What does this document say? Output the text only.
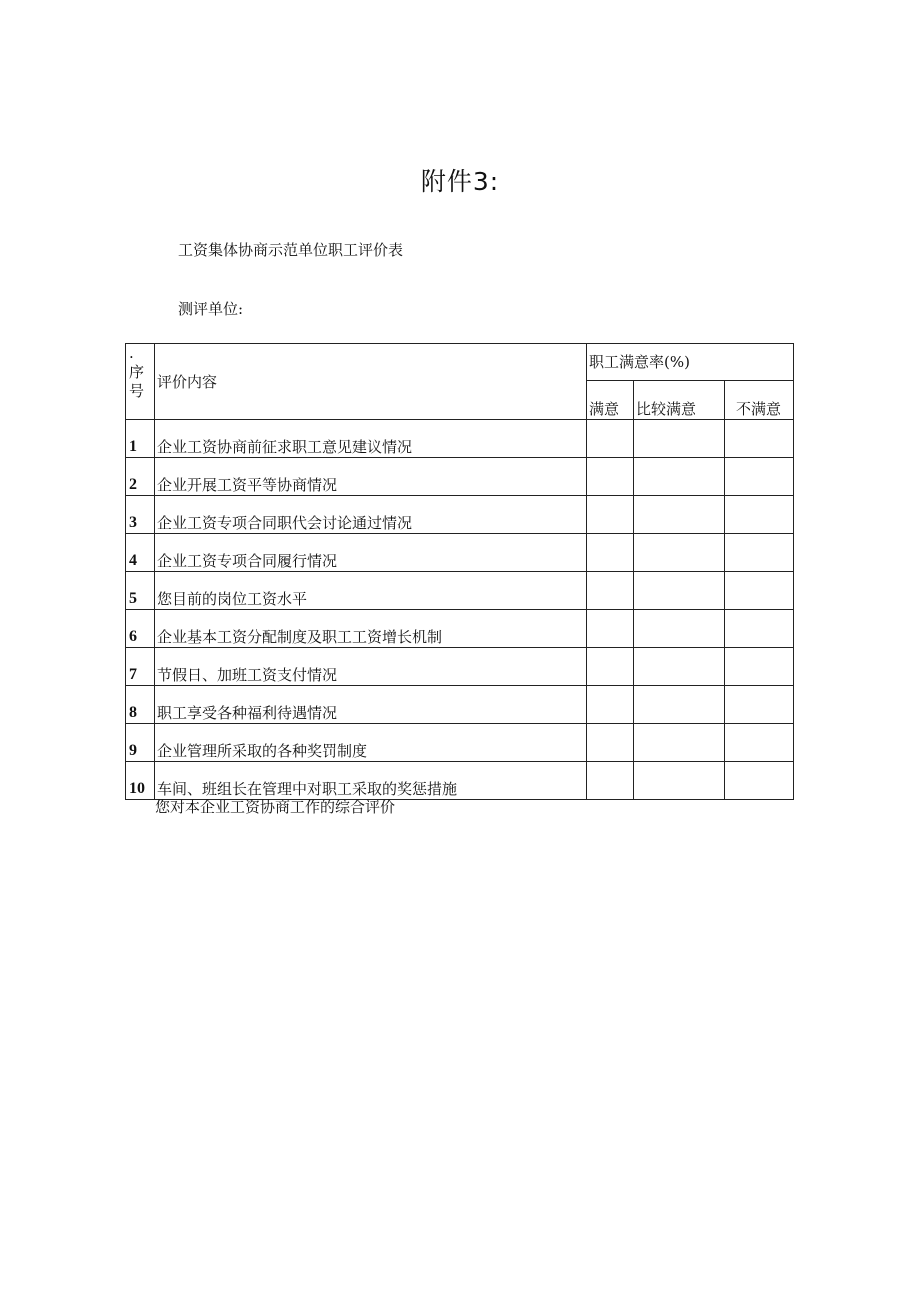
附件3:
工资集体协商示范单位职工评价表
测评单位:
.
序
号	评价内容	职工满意率(%)		
		满意	比较满意	不满意
1	企业工资协商前征求职工意见建议情况			
2	企业开展工资平等协商情况			
3	企业工资专项合同职代会讨论通过情况			
4	企业工资专项合同履行情况			
5	您目前的岗位工资水平			
6	企业基本工资分配制度及职工工资增长机制			
7	节假日、加班工资支付情况			
8	职工享受各种福利待遇情况			
9	企业管理所采取的各种奖罚制度			
10	车间、班组长在管理中对职工采取的奖惩措施			
您对本企业工资协商工作的综合评价
